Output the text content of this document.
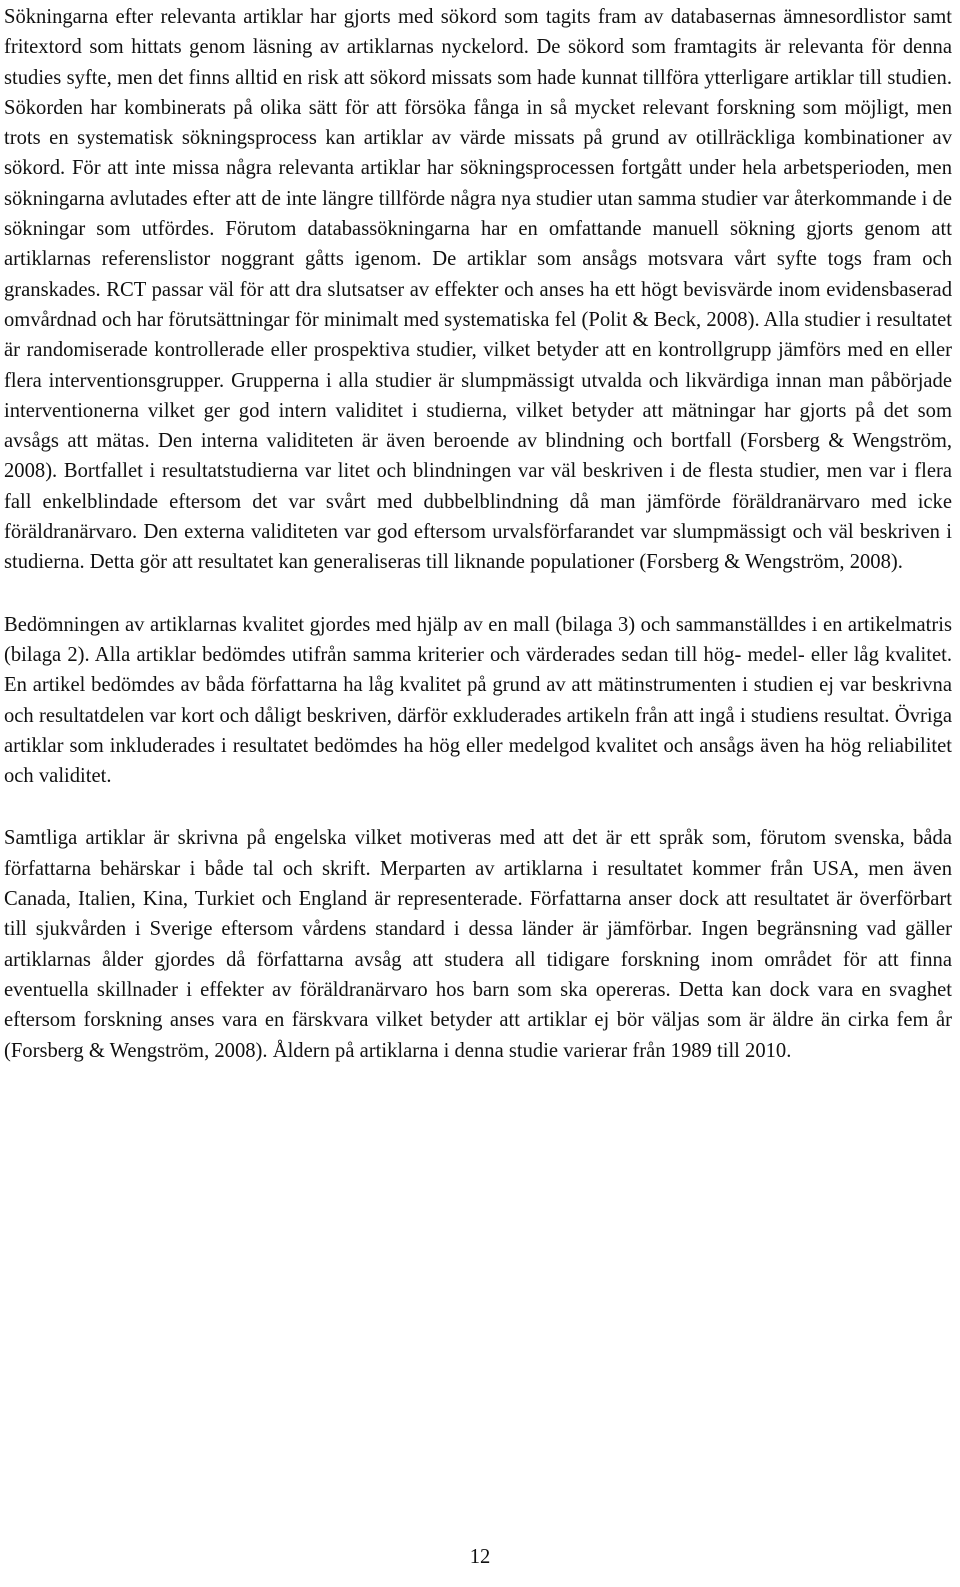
Sökningarna efter relevanta artiklar har gjorts med sökord som tagits fram av databasernas ämnesordlistor samt fritextord som hittats genom läsning av artiklarnas nyckelord. De sökord som framtagits är relevanta för denna studies syfte, men det finns alltid en risk att sökord missats som hade kunnat tillföra ytterligare artiklar till studien. Sökorden har kombinerats på olika sätt för att försöka fånga in så mycket relevant forskning som möjligt, men trots en systematisk sökningsprocess kan artiklar av värde missats på grund av otillräckliga kombinationer av sökord. För att inte missa några relevanta artiklar har sökningsprocessen fortgått under hela arbetsperioden, men sökningarna avlutades efter att de inte längre tillförde några nya studier utan samma studier var återkommande i de sökningar som utfördes. Förutom databassökningarna har en omfattande manuell sökning gjorts genom att artiklarnas referenslistor noggrant gåtts igenom. De artiklar som ansågs motsvara vårt syfte togs fram och granskades. RCT passar väl för att dra slutsatser av effekter och anses ha ett högt bevisvärde inom evidensbaserad omvårdnad och har förutsättningar för minimalt med systematiska fel (Polit & Beck, 2008). Alla studier i resultatet är randomiserade kontrollerade eller prospektiva studier, vilket betyder att en kontrollgrupp jämförs med en eller flera interventionsgrupper. Grupperna i alla studier är slumpmässigt utvalda och likvärdiga innan man påbörjade interventionerna vilket ger god intern validitet i studierna, vilket betyder att mätningar har gjorts på det som avsågs att mätas. Den interna validiteten är även beroende av blindning och bortfall (Forsberg & Wengström, 2008). Bortfallet i resultatstudierna var litet och blindningen var väl beskriven i de flesta studier, men var i flera fall enkelblindade eftersom det var svårt med dubbelblindning då man jämförde föräldranärvaro med icke föräldranärvaro. Den externa validiteten var god eftersom urvalsförfarandet var slumpmässigt och väl beskriven i studierna. Detta gör att resultatet kan generaliseras till liknande populationer (Forsberg & Wengström, 2008).

Bedömningen av artiklarnas kvalitet gjordes med hjälp av en mall (bilaga 3) och sammanställdes i en artikelmatris (bilaga 2). Alla artiklar bedömdes utifrån samma kriterier och värderades sedan till hög- medel- eller låg kvalitet. En artikel bedömdes av båda författarna ha låg kvalitet på grund av att mätinstrumenten i studien ej var beskrivna och resultatdelen var kort och dåligt beskriven, därför exkluderades artikeln från att ingå i studiens resultat. Övriga artiklar som inkluderades i resultatet bedömdes ha hög eller medelgod kvalitet och ansågs även ha hög reliabilitet och validitet.

Samtliga artiklar är skrivna på engelska vilket motiveras med att det är ett språk som, förutom svenska, båda författarna behärskar i både tal och skrift. Merparten av artiklarna i resultatet kommer från USA, men även Canada, Italien, Kina, Turkiet och England är representerade. Författarna anser dock att resultatet är överförbart till sjukvården i Sverige eftersom vårdens standard i dessa länder är jämförbar. Ingen begränsning vad gäller artiklarnas ålder gjordes då författarna avsåg att studera all tidigare forskning inom området för att finna eventuella skillnader i effekter av föräldranärvaro hos barn som ska opereras. Detta kan dock vara en svaghet eftersom forskning anses vara en färskvara vilket betyder att artiklar ej bör väljas som är äldre än cirka fem år (Forsberg & Wengström, 2008). Åldern på artiklarna i denna studie varierar från 1989 till 2010.

12
